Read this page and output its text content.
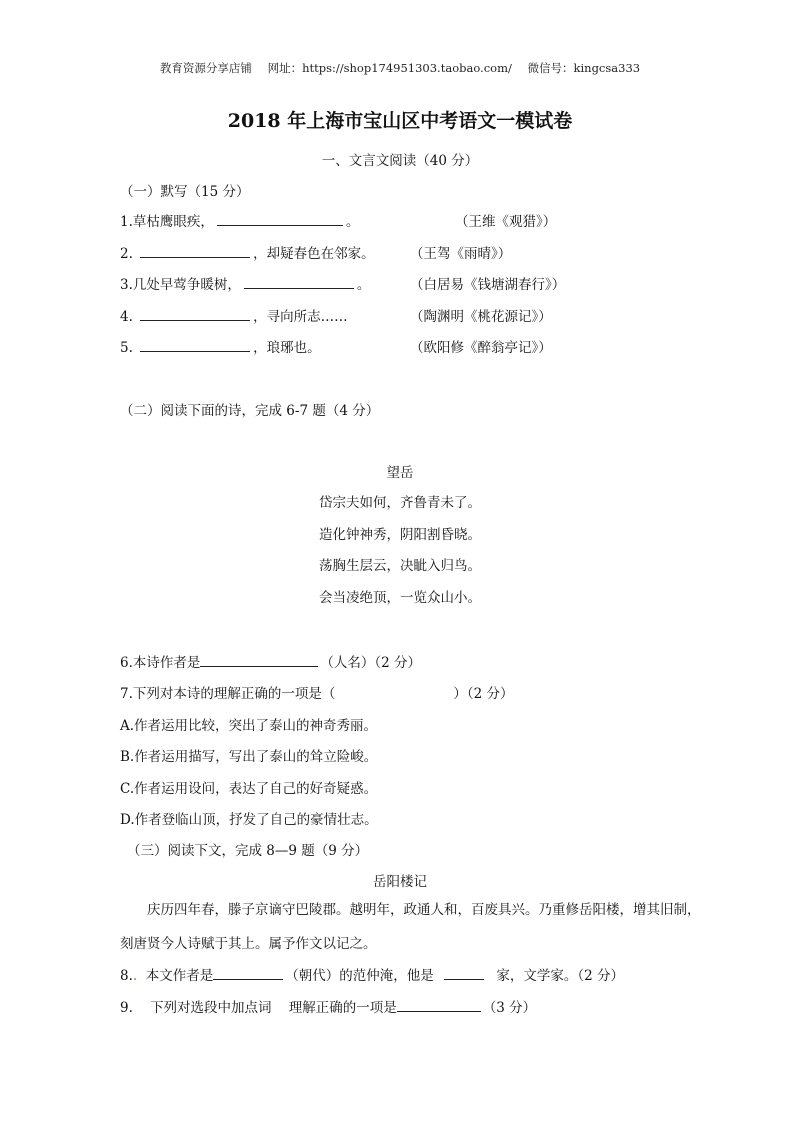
教育资源分享店铺 网址：https://shop174951303.taobao.com/ 微信号：kingcsa333
2018 年上海市宝山区中考语文一模试卷
一、文言文阅读（40 分）
（一）默写（15 分）
1.草枯鹰眼疾，	。	（王维《观猎》）
2.	，却疑春色在邻家。	（王驾《雨晴》）
3.几处早莺争暖树，	。	（白居易《钱塘湖春行》）
4.	，寻向所志……	（陶渊明《桃花源记》）
5.	，琅琊也。	（欧阳修《醉翁亭记》）
（二）阅读下面的诗，完成 6-7 题（4 分）
望岳
岱宗夫如何，齐鲁青未了。
造化钟神秀，阴阳割昏晓。
荡胸生层云，决眦入归鸟。
会当凌绝顶，一览众山小。
6.本诗作者是	（人名）（2 分）
7.下列对本诗的理解正确的一项是（	）（2 分）
A.作者运用比较，突出了泰山的神奇秀丽。
B.作者运用描写，写出了泰山的耸立险峻。
C.作者运用设问，表达了自己的好奇疑惑。
D.作者登临山顶，抒发了自己的豪情壮志。
（三）阅读下文，完成 8—9 题（9 分）
岳阳楼记
庆历四年春，滕子京谪守巴陵郡。越明年，政通人和，百废具兴。乃重修岳阳楼，增其旧制，刻唐贤今人诗赋于其上。属予作文以记之。
8.. 本文作者是	（朝代）的范仲淹，他是	家，文学家。（2 分）
9. 下列对选段中加点词 理解正确的一项是	（3 分）
